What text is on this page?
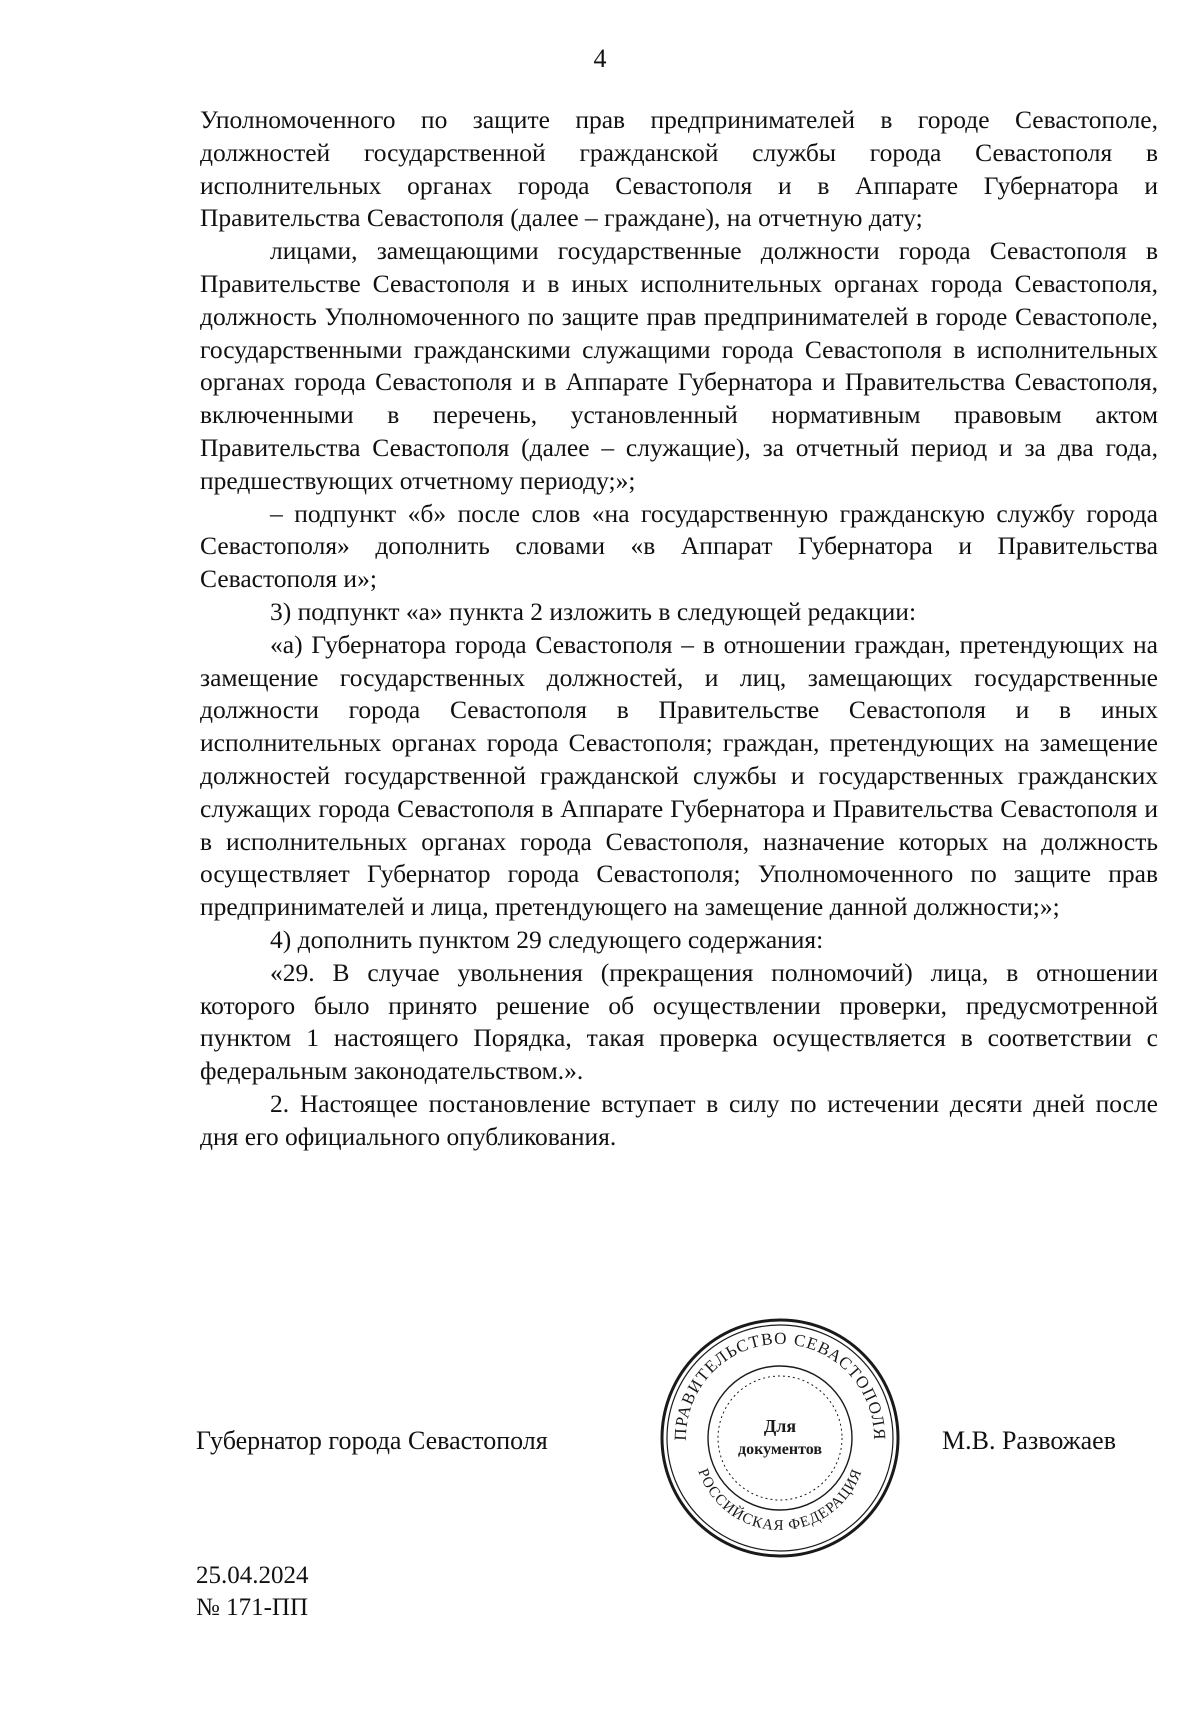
4

Уполномоченного по защите прав предпринимателей в городе Севастополе, должностей государственной гражданской службы города Севастополя в исполнительных органах города Севастополя и в Аппарате Губернатора и Правительства Севастополя (далее – граждане), на отчетную дату;

лицами, замещающими государственные должности города Севастополя в Правительстве Севастополя и в иных исполнительных органах города Севастополя, должность Уполномоченного по защите прав предпринимателей в городе Севастополе, государственными гражданскими служащими города Севастополя в исполнительных органах города Севастополя и в Аппарате Губернатора и Правительства Севастополя, включенными в перечень, установленный нормативным правовым актом Правительства Севастополя (далее – служащие), за отчетный период и за два года, предшествующих отчетному периоду;»;

– подпункт «б» после слов «на государственную гражданскую службу города Севастополя» дополнить словами «в Аппарат Губернатора и Правительства Севастополя и»;

3) подпункт «а» пункта 2 изложить в следующей редакции:

«а) Губернатора города Севастополя – в отношении граждан, претендующих на замещение государственных должностей, и лиц, замещающих государственные должности города Севастополя в Правительстве Севастополя и в иных исполнительных органах города Севастополя; граждан, претендующих на замещение должностей государственной гражданской службы и государственных гражданских служащих города Севастополя в Аппарате Губернатора и Правительства Севастополя и в исполнительных органах города Севастополя, назначение которых на должность осуществляет Губернатор города Севастополя; Уполномоченного по защите прав предпринимателей и лица, претендующего на замещение данной должности;»;

4) дополнить пунктом 29 следующего содержания:

«29. В случае увольнения (прекращения полномочий) лица, в отношении которого было принято решение об осуществлении проверки, предусмотренной пунктом 1 настоящего Порядка, такая проверка осуществляется в соответствии с федеральным законодательством.».

2. Настоящее постановление вступает в силу по истечении десяти дней после дня его официального опубликования.

Губернатор города Севастополя	ПРАВИТЕЛЬСТВО СЕВАСТОПОЛЯ
РОССИЙСКАЯ ФЕДЕРАЦИЯ
Для
документов	М.В. Развожаев
25.04.2024
№ 171-ПП
